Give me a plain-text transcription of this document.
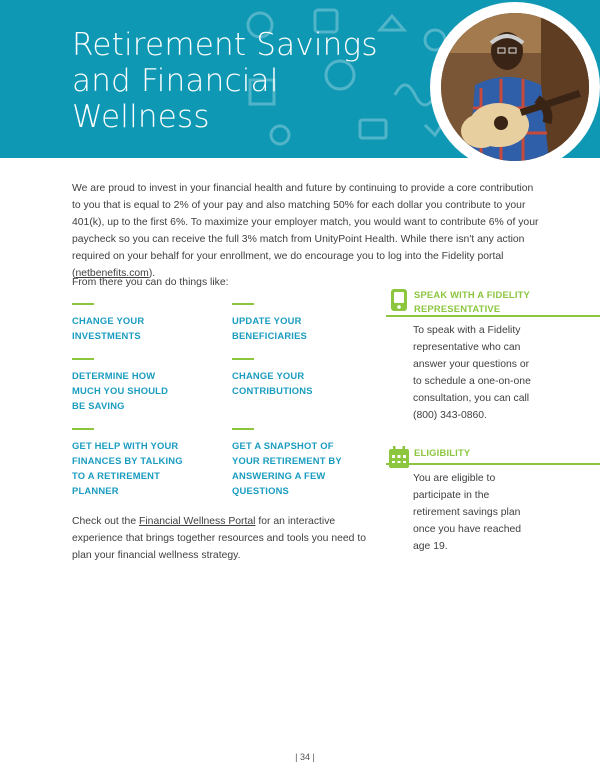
Retirement Savings
and Financial
Wellness

We are proud to invest in your financial health and future by continuing to provide a core contribution to you that is equal to 2% of your pay and also matching 50% for each dollar you contribute to your 401(k), up to the first 6%. To maximize your employer match, you would want to contribute 6% of your paycheck so you can receive the full 3% match from UnityPoint Health. While there isn't any action required on your behalf for your enrollment, we do encourage you to log into the Fidelity portal (netbenefits.com).

From there you can do things like:

CHANGE YOUR
INVESTMENTS
UPDATE YOUR
BENEFICIARIES
DETERMINE HOW
MUCH YOU SHOULD
BE SAVING
CHANGE YOUR
CONTRIBUTIONS
GET HELP WITH YOUR
FINANCES BY TALKING
TO A RETIREMENT
PLANNER
GET A SNAPSHOT OF
YOUR RETIREMENT BY
ANSWERING A FEW
QUESTIONS

Check out the Financial Wellness Portal for an interactive experience that brings together resources and tools you need to plan your financial wellness strategy.

SPEAK WITH A FIDELITY
REPRESENTATIVE

To speak with a Fidelity
representative who can
answer your questions or
to schedule a one-on-one
consultation, you can call
(800) 343-0860.

ELIGIBILITY

You are eligible to
participate in the
retirement savings plan
once you have reached
age 19.

| 34 |
